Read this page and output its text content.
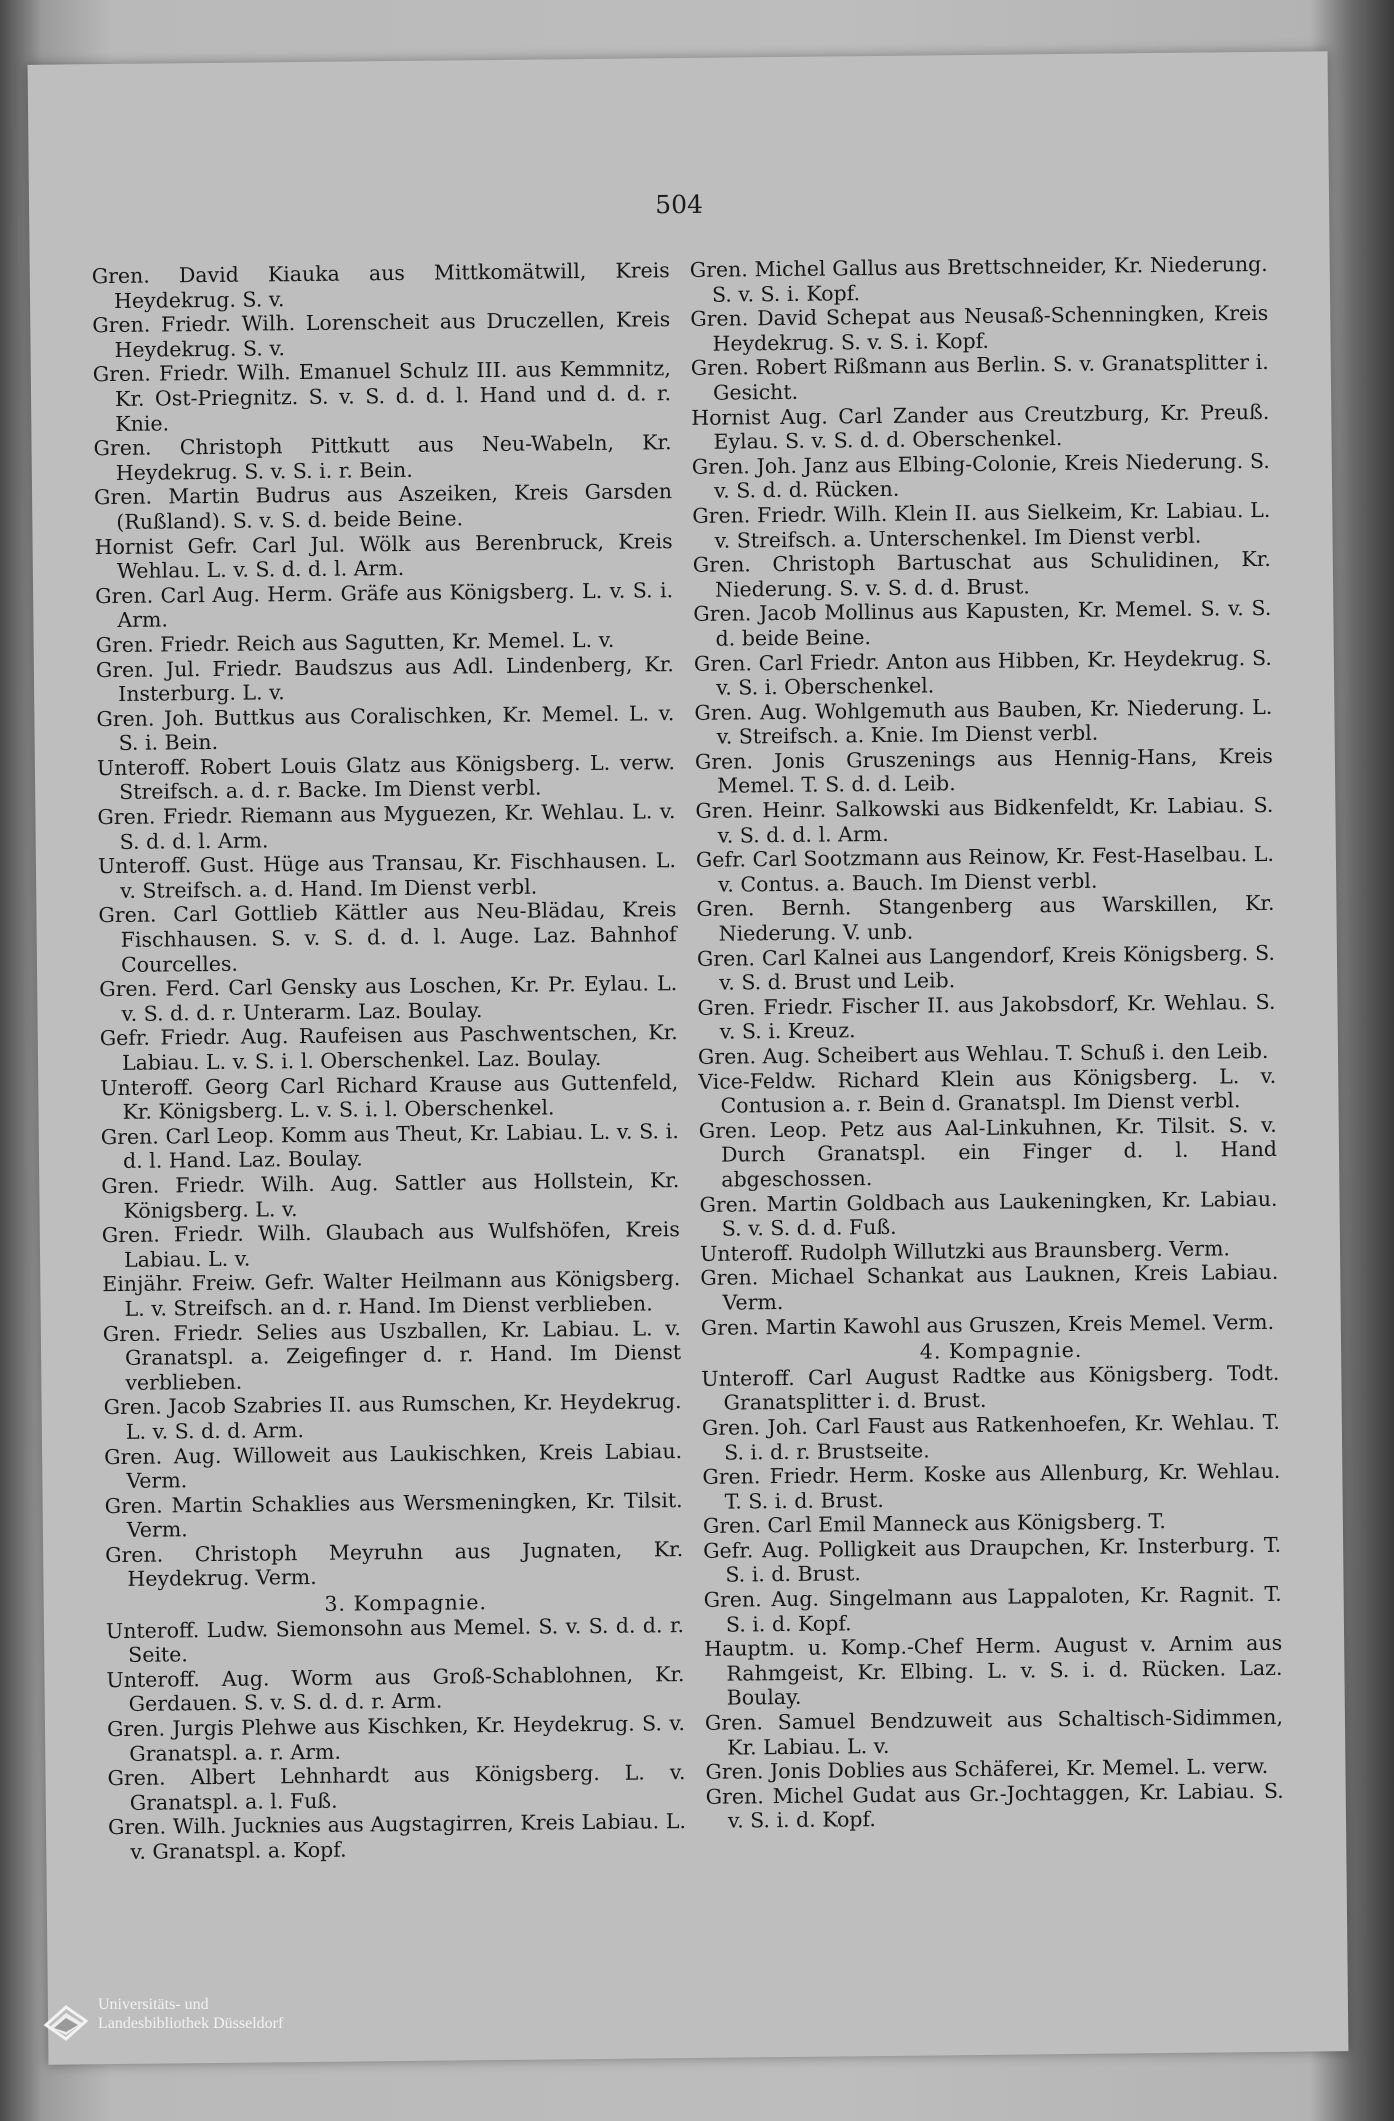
504

Gren. David Kiauka aus Mittkomätwill, Kreis Heydekrug. S. v.

Gren. Friedr. Wilh. Lorenscheit aus Druczellen, Kreis Heydekrug. S. v.

Gren. Friedr. Wilh. Emanuel Schulz III. aus Kemmnitz, Kr. Ost-Priegnitz. S. v. S. d. d. l. Hand und d. d. r. Knie.

Gren. Christoph Pittkutt aus Neu-Wabeln, Kr. Heydekrug. S. v. S. i. r. Bein.

Gren. Martin Budrus aus Aszeiken, Kreis Garsden (Rußland). S. v. S. d. beide Beine.

Hornist Gefr. Carl Jul. Wölk aus Berenbruck, Kreis Wehlau. L. v. S. d. d. l. Arm.

Gren. Carl Aug. Herm. Gräfe aus Königsberg. L. v. S. i. Arm.

Gren. Friedr. Reich aus Sagutten, Kr. Memel. L. v.

Gren. Jul. Friedr. Baudszus aus Adl. Lindenberg, Kr. Insterburg. L. v.

Gren. Joh. Buttkus aus Coralischken, Kr. Memel. L. v. S. i. Bein.

Unteroff. Robert Louis Glatz aus Königsberg. L. verw. Streifsch. a. d. r. Backe. Im Dienst verbl.

Gren. Friedr. Riemann aus Myguezen, Kr. Wehlau. L. v. S. d. d. l. Arm.

Unteroff. Gust. Hüge aus Transau, Kr. Fischhausen. L. v. Streifsch. a. d. Hand. Im Dienst verbl.

Gren. Carl Gottlieb Kättler aus Neu-Blädau, Kreis Fischhausen. S. v. S. d. d. l. Auge. Laz. Bahnhof Courcelles.

Gren. Ferd. Carl Gensky aus Loschen, Kr. Pr. Eylau. L. v. S. d. d. r. Unterarm. Laz. Boulay.

Gefr. Friedr. Aug. Raufeisen aus Paschwentschen, Kr. Labiau. L. v. S. i. l. Oberschenkel. Laz. Boulay.

Unteroff. Georg Carl Richard Krause aus Guttenfeld, Kr. Königsberg. L. v. S. i. l. Oberschenkel.

Gren. Carl Leop. Komm aus Theut, Kr. Labiau. L. v. S. i. d. l. Hand. Laz. Boulay.

Gren. Friedr. Wilh. Aug. Sattler aus Hollstein, Kr. Königsberg. L. v.

Gren. Friedr. Wilh. Glaubach aus Wulfshöfen, Kreis Labiau. L. v.

Einjähr. Freiw. Gefr. Walter Heilmann aus Königsberg. L. v. Streifsch. an d. r. Hand. Im Dienst verblieben.

Gren. Friedr. Selies aus Uszballen, Kr. Labiau. L. v. Granatspl. a. Zeigefinger d. r. Hand. Im Dienst verblieben.

Gren. Jacob Szabries II. aus Rumschen, Kr. Heydekrug. L. v. S. d. d. Arm.

Gren. Aug. Willoweit aus Laukischken, Kreis Labiau. Verm.

Gren. Martin Schaklies aus Wersmeningken, Kr. Tilsit. Verm.

Gren. Christoph Meyruhn aus Jugnaten, Kr. Heydekrug. Verm.

3. Kompagnie.

Unteroff. Ludw. Siemonsohn aus Memel. S. v. S. d. d. r. Seite.

Unteroff. Aug. Worm aus Groß-Schablohnen, Kr. Gerdauen. S. v. S. d. d. r. Arm.

Gren. Jurgis Plehwe aus Kischken, Kr. Heydekrug. S. v. Granatspl. a. r. Arm.

Gren. Albert Lehnhardt aus Königsberg. L. v. Granatspl. a. l. Fuß.

Gren. Wilh. Jucknies aus Augstagirren, Kreis Labiau. L. v. Granatspl. a. Kopf.

Gren. Michel Gallus aus Brettschneider, Kr. Niederung. S. v. S. i. Kopf.

Gren. David Schepat aus Neusaß-Schenningken, Kreis Heydekrug. S. v. S. i. Kopf.

Gren. Robert Rißmann aus Berlin. S. v. Granatsplitter i. Gesicht.

Hornist Aug. Carl Zander aus Creutzburg, Kr. Preuß. Eylau. S. v. S. d. d. Oberschenkel.

Gren. Joh. Janz aus Elbing-Colonie, Kreis Niederung. S. v. S. d. d. Rücken.

Gren. Friedr. Wilh. Klein II. aus Sielkeim, Kr. Labiau. L. v. Streifsch. a. Unterschenkel. Im Dienst verbl.

Gren. Christoph Bartuschat aus Schulidinen, Kr. Niederung. S. v. S. d. d. Brust.

Gren. Jacob Mollinus aus Kapusten, Kr. Memel. S. v. S. d. beide Beine.

Gren. Carl Friedr. Anton aus Hibben, Kr. Heydekrug. S. v. S. i. Oberschenkel.

Gren. Aug. Wohlgemuth aus Bauben, Kr. Niederung. L. v. Streifsch. a. Knie. Im Dienst verbl.

Gren. Jonis Gruszenings aus Hennig-Hans, Kreis Memel. T. S. d. d. Leib.

Gren. Heinr. Salkowski aus Bidkenfeldt, Kr. Labiau. S. v. S. d. d. l. Arm.

Gefr. Carl Sootzmann aus Reinow, Kr. Fest-Haselbau. L. v. Contus. a. Bauch. Im Dienst verbl.

Gren. Bernh. Stangenberg aus Warskillen, Kr. Niederung. V. unb.

Gren. Carl Kalnei aus Langendorf, Kreis Königsberg. S. v. S. d. Brust und Leib.

Gren. Friedr. Fischer II. aus Jakobsdorf, Kr. Wehlau. S. v. S. i. Kreuz.

Gren. Aug. Scheibert aus Wehlau. T. Schuß i. den Leib.

Vice-Feldw. Richard Klein aus Königsberg. L. v. Contusion a. r. Bein d. Granatspl. Im Dienst verbl.

Gren. Leop. Petz aus Aal-Linkuhnen, Kr. Tilsit. S. v. Durch Granatspl. ein Finger d. l. Hand abgeschossen.

Gren. Martin Goldbach aus Laukeningken, Kr. Labiau. S. v. S. d. d. Fuß.

Unteroff. Rudolph Willutzki aus Braunsberg. Verm.

Gren. Michael Schankat aus Lauknen, Kreis Labiau. Verm.

Gren. Martin Kawohl aus Gruszen, Kreis Memel. Verm.

4. Kompagnie.

Unteroff. Carl August Radtke aus Königsberg. Todt. Granatsplitter i. d. Brust.

Gren. Joh. Carl Faust aus Ratkenhoefen, Kr. Wehlau. T. S. i. d. r. Brustseite.

Gren. Friedr. Herm. Koske aus Allenburg, Kr. Wehlau. T. S. i. d. Brust.

Gren. Carl Emil Manneck aus Königsberg. T.

Gefr. Aug. Polligkeit aus Draupchen, Kr. Insterburg. T. S. i. d. Brust.

Gren. Aug. Singelmann aus Lappaloten, Kr. Ragnit. T. S. i. d. Kopf.

Hauptm. u. Komp.-Chef Herm. August v. Arnim aus Rahmgeist, Kr. Elbing. L. v. S. i. d. Rücken. Laz. Boulay.

Gren. Samuel Bendzuweit aus Schaltisch-Sidimmen, Kr. Labiau. L. v.

Gren. Jonis Doblies aus Schäferei, Kr. Memel. L. verw.

Gren. Michel Gudat aus Gr.-Jochtaggen, Kr. Labiau. S. v. S. i. d. Kopf.

Universitäts- und
Landesbibliothek Düsseldorf
